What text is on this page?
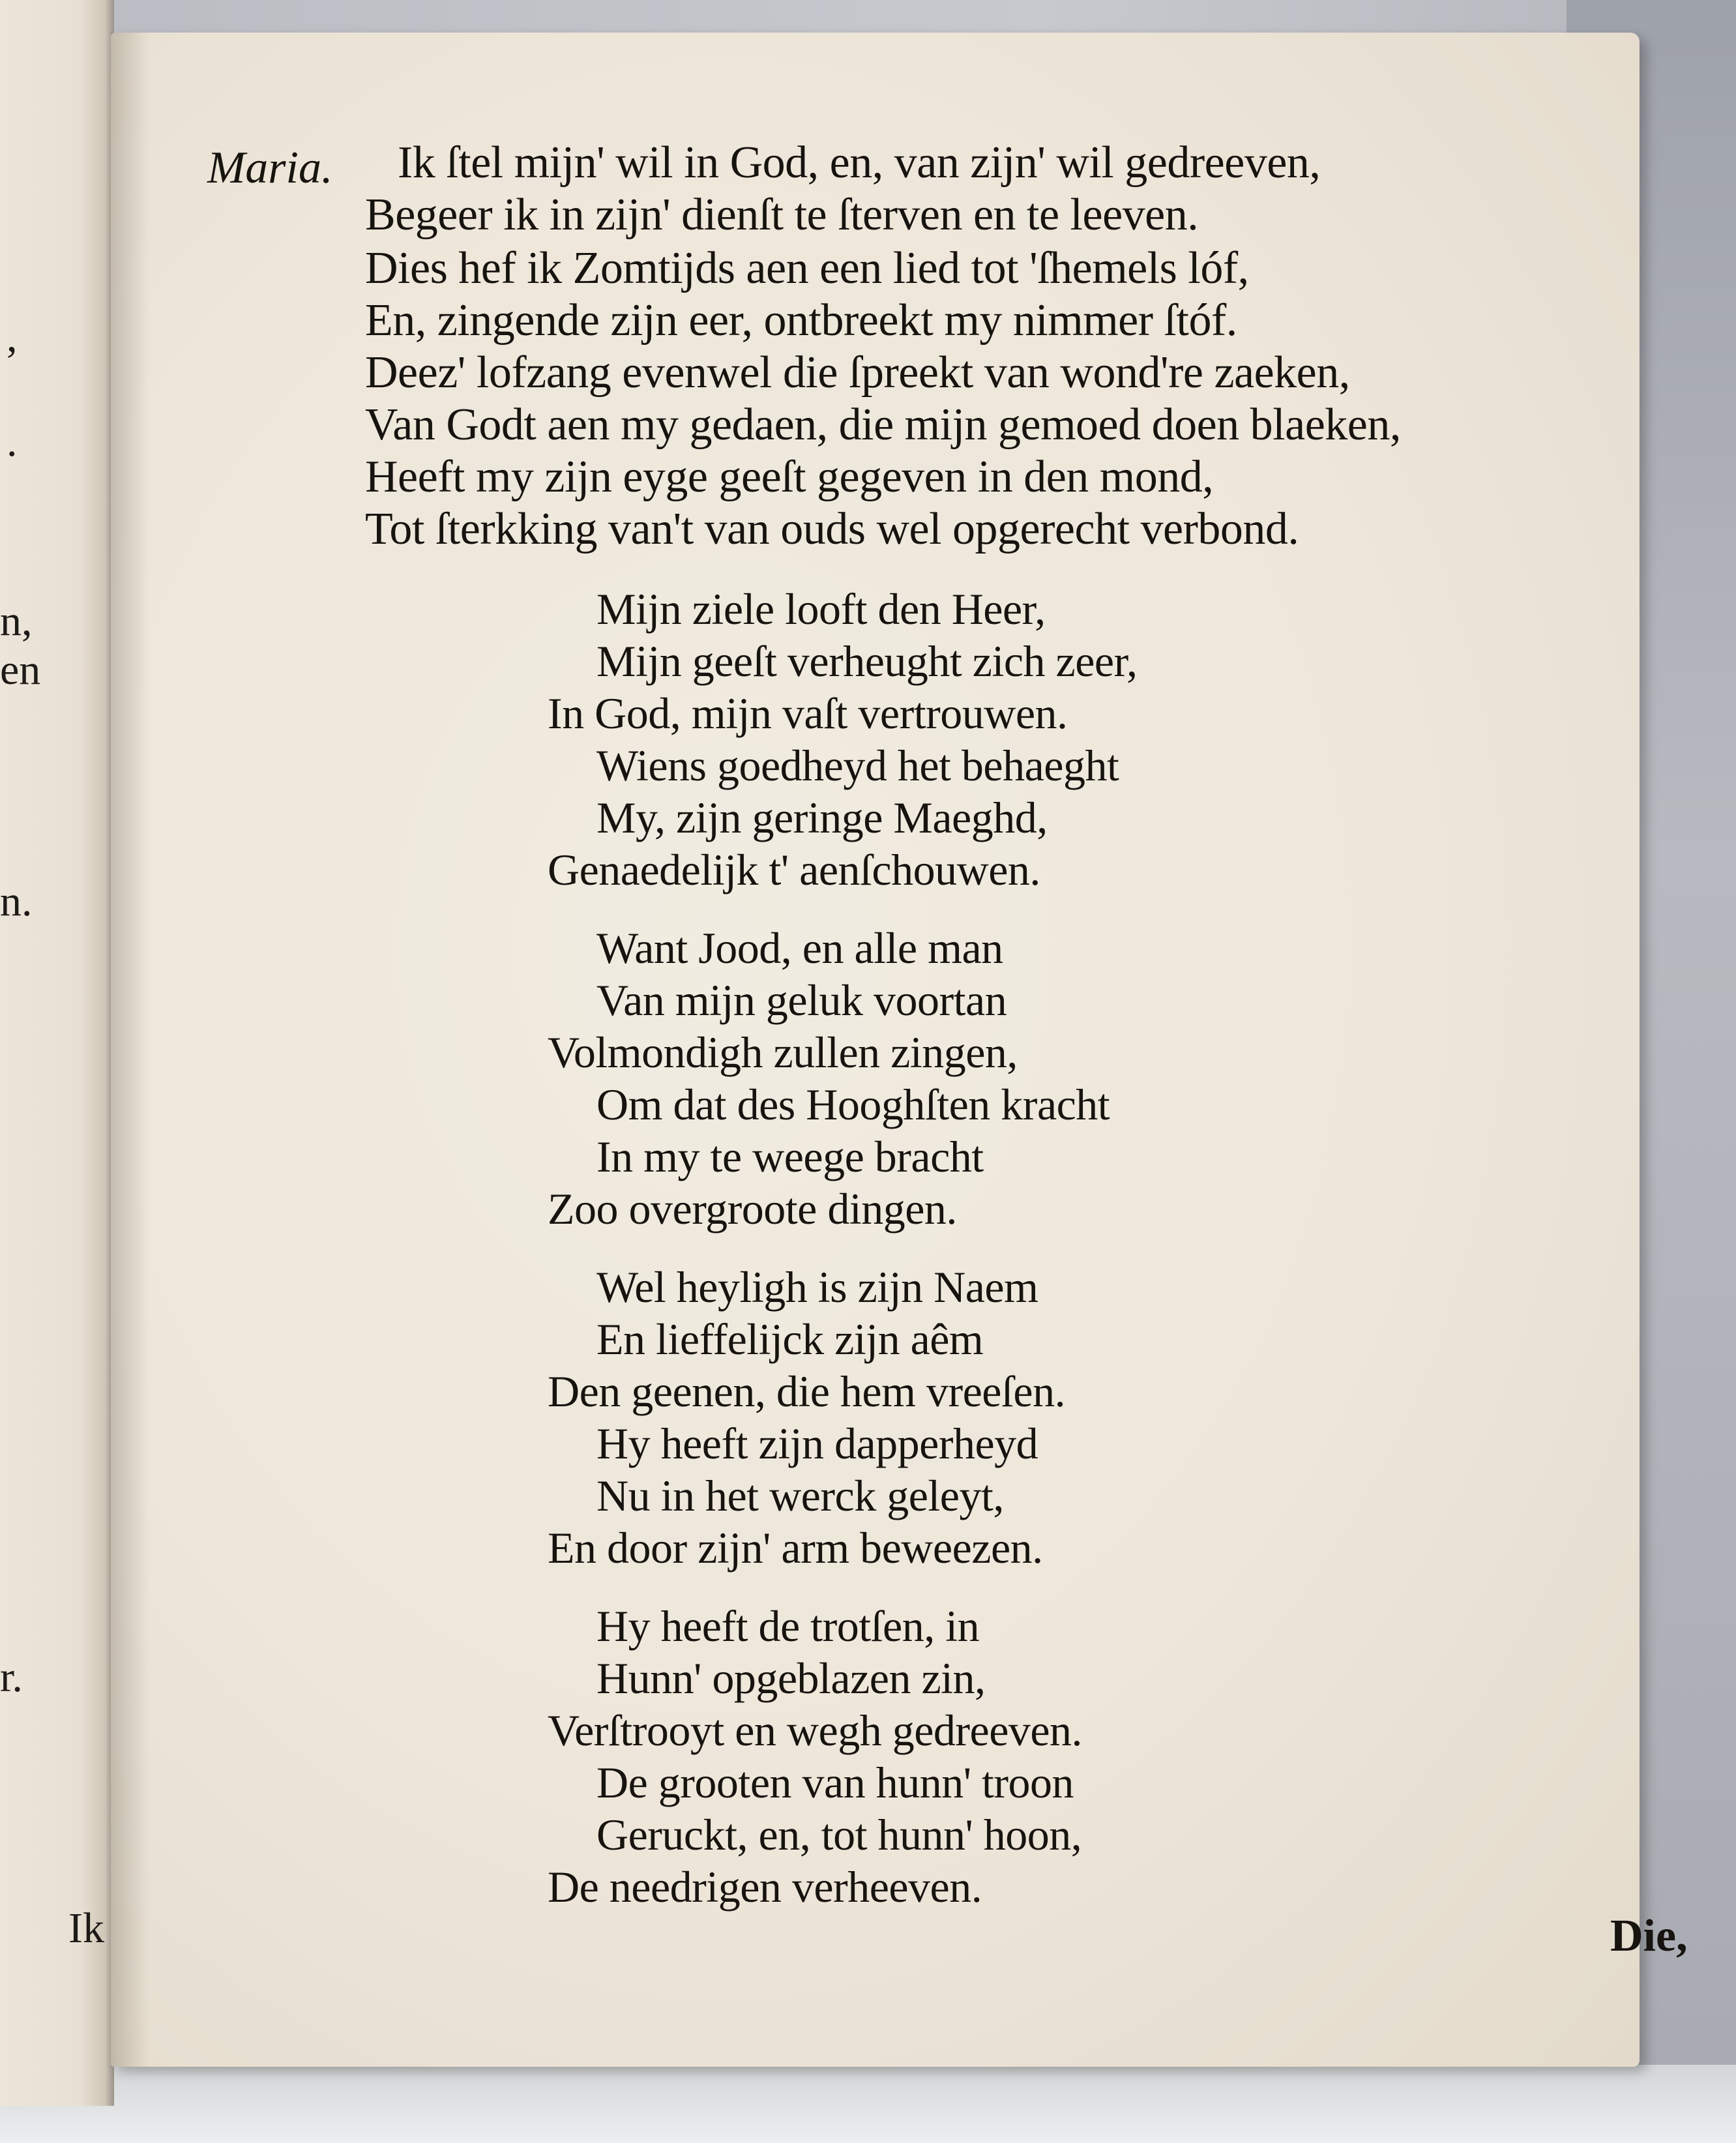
,
.
n,
en
n.
r.
Ik
Maria.
Die,
Ik ſtel mijn' wil in God, en, van zijn' wil gedreeven,
Begeer ik in zijn' dienſt te ſterven en te leeven.
Dies hef ik Zomtijds aen een lied tot 'ſhemels lóf,
En, zingende zijn eer, ontbreekt my nimmer ſtóf.
Deez' lofzang evenwel die ſpreekt van wond're zaeken,
Van Godt aen my gedaen, die mijn gemoed doen blaeken,
Heeft my zijn eyge geeſt gegeven in den mond,
Tot ſterkking van't van ouds wel opgerecht verbond.
Mijn ziele looft den Heer,
Mijn geeſt verheught zich zeer,
In God, mijn vaſt vertrouwen.
Wiens goedheyd het behaeght
My, zijn geringe Maeghd,
Genaedelijk t' aenſchouwen.
Want Jood, en alle man
Van mijn geluk voortan
Volmondigh zullen zingen,
Om dat des Hooghſten kracht
In my te weege bracht
Zoo overgroote dingen.
Wel heyligh is zijn Naem
En lieffelijck zijn aêm
Den geenen, die hem vreeſen.
Hy heeft zijn dapperheyd
Nu in het werck geleyt,
En door zijn' arm beweezen.
Hy heeft de trotſen, in
Hunn' opgeblazen zin,
Verſtrooyt en wegh gedreeven.
De grooten van hunn' troon
Geruckt, en, tot hunn' hoon,
De needrigen verheeven.
